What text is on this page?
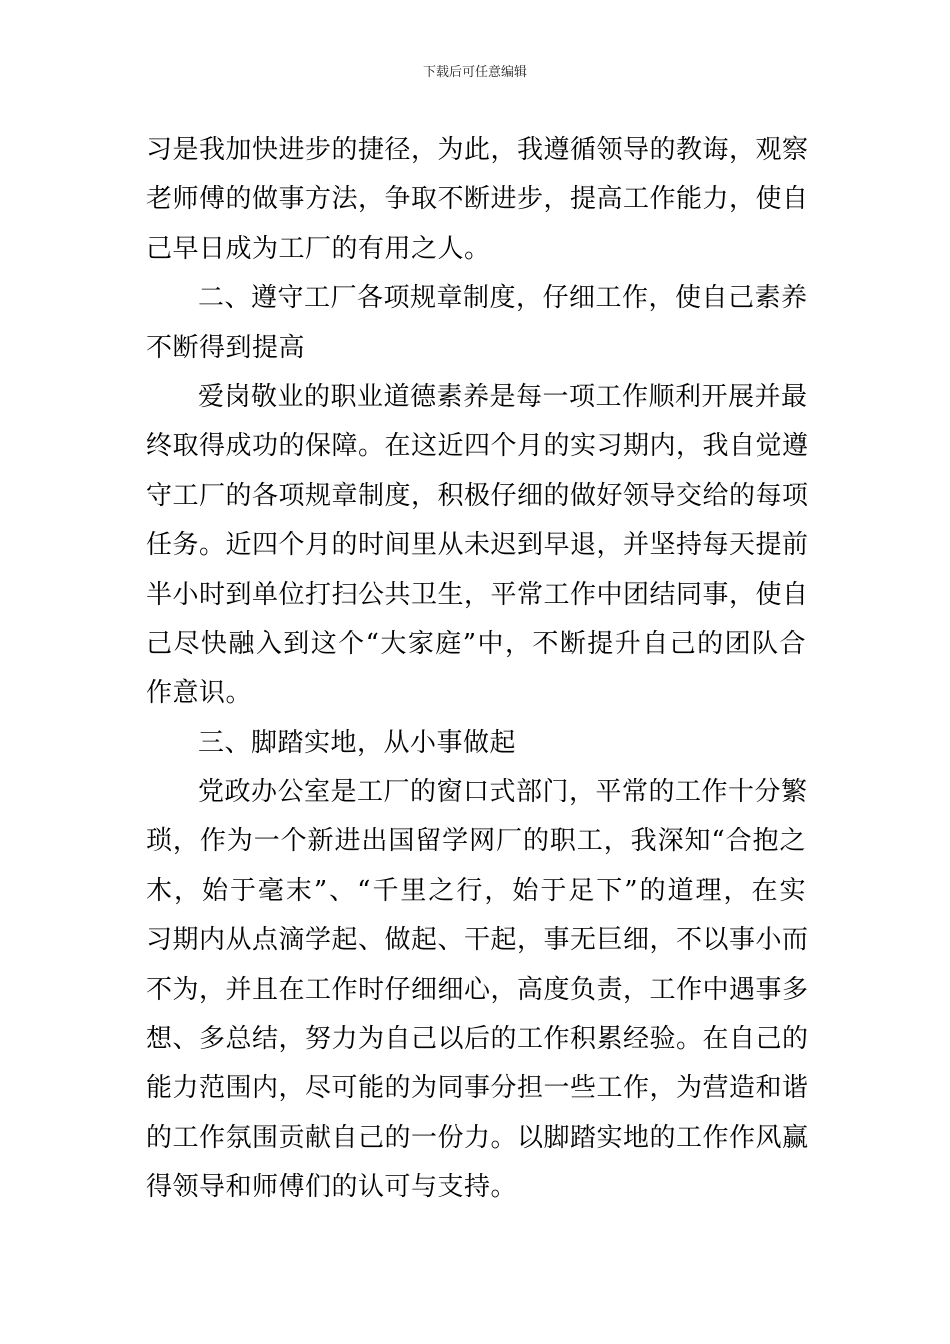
下载后可任意编辑
习是我加快进步的捷径，为此，我遵循领导的教诲，观察
老师傅的做事方法，争取不断进步，提高工作能力，使自
己早日成为工厂的有用之人。
二、遵守工厂各项规章制度，仔细工作，使自己素养
不断得到提高
爱岗敬业的职业道德素养是每一项工作顺利开展并最
终取得成功的保障。在这近四个月的实习期内，我自觉遵
守工厂的各项规章制度，积极仔细的做好领导交给的每项
任务。近四个月的时间里从未迟到早退，并坚持每天提前
半小时到单位打扫公共卫生，平常工作中团结同事，使自
己尽快融入到这个“大家庭”中，不断提升自己的团队合
作意识。
三、脚踏实地，从小事做起
党政办公室是工厂的窗口式部门，平常的工作十分繁
琐，作为一个新进出国留学网厂的职工，我深知“合抱之
木，始于毫末”、“千里之行，始于足下”的道理，在实
习期内从点滴学起、做起、干起，事无巨细，不以事小而
不为，并且在工作时仔细细心，高度负责，工作中遇事多
想、多总结，努力为自己以后的工作积累经验。在自己的
能力范围内，尽可能的为同事分担一些工作，为营造和谐
的工作氛围贡献自己的一份力。以脚踏实地的工作作风赢
得领导和师傅们的认可与支持。
